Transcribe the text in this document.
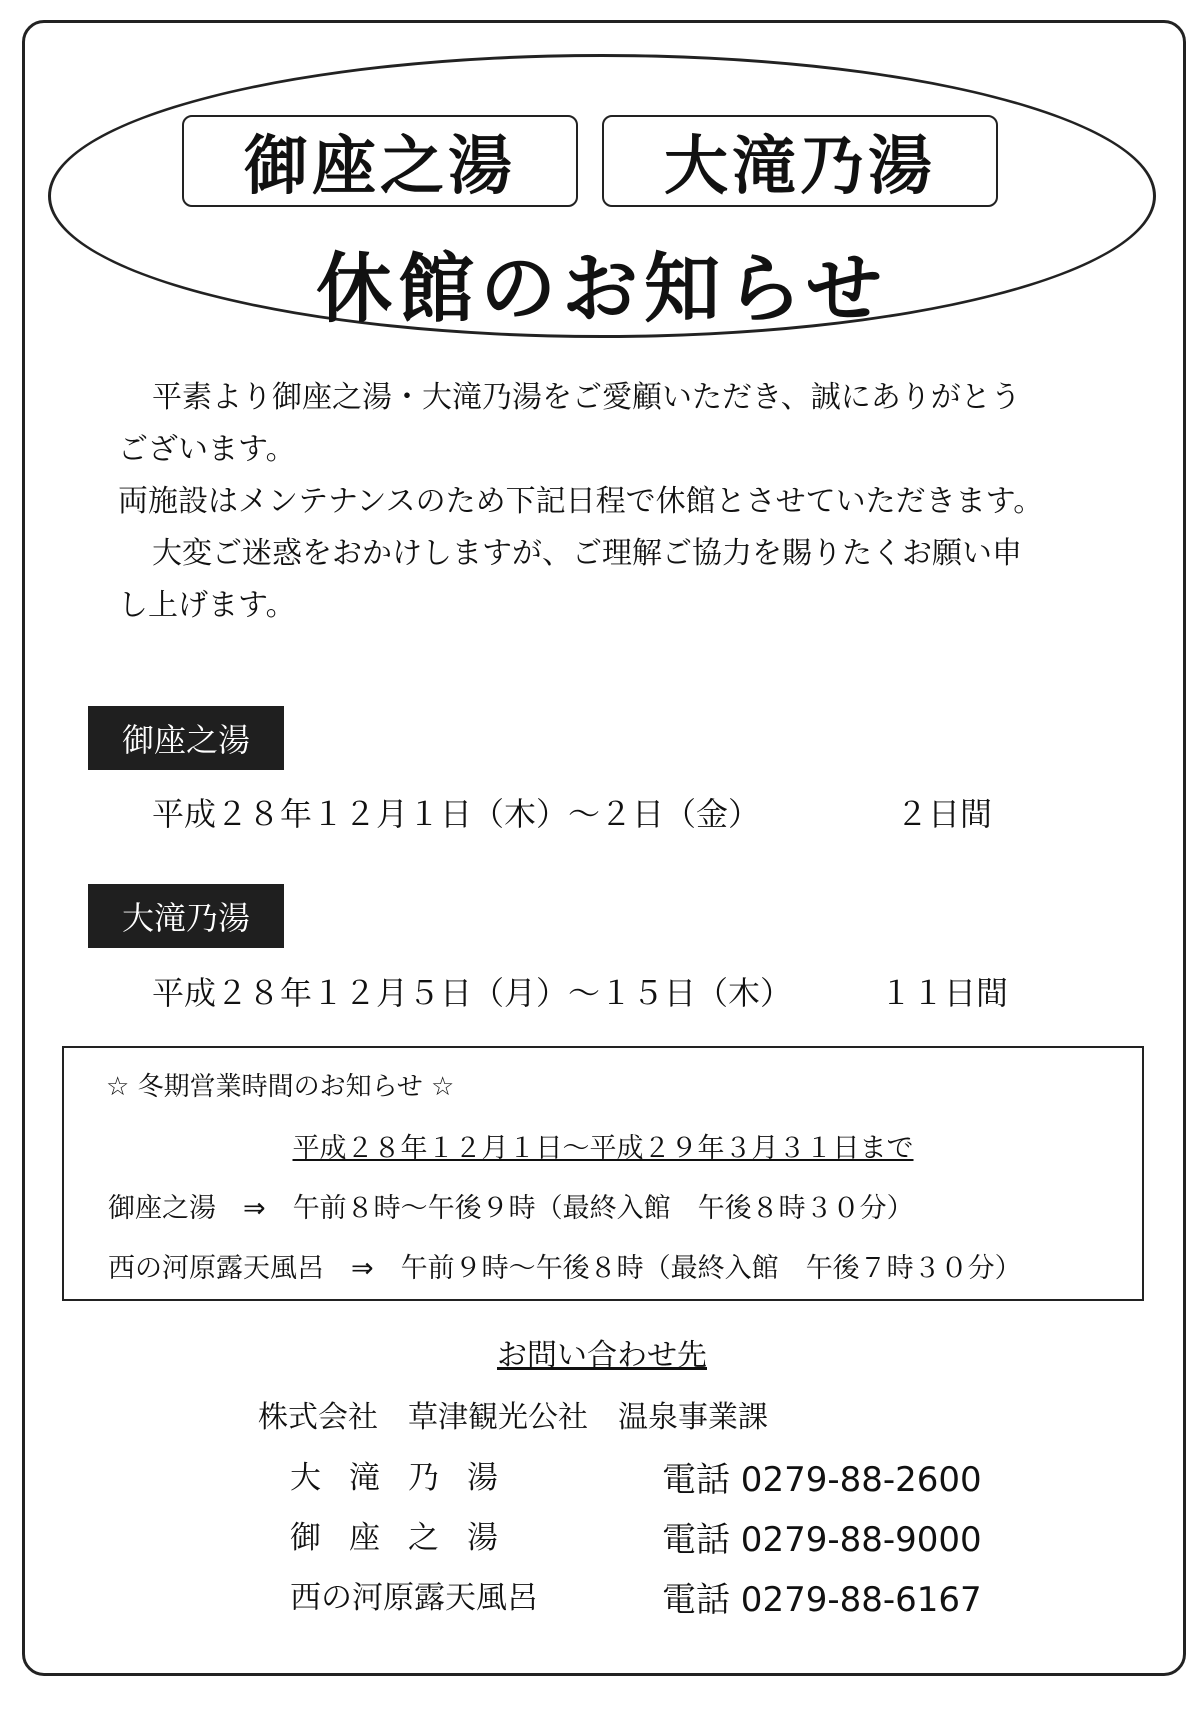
御座之湯	大滝乃湯
休館のお知らせ

平素より御座之湯・大滝乃湯をご愛顧いただき、誠にありがとう

ございます。

両施設はメンテナンスのため下記日程で休館とさせていただきます。

大変ご迷惑をおかけしますが、ご理解ご協力を賜りたくお願い申

し上げます。

御座之湯
平成２８年１２月１日（木）～２日（金）	２日間
大滝乃湯
平成２８年１２月５日（月）～１５日（木）	１１日間
☆ 冬期営業時間のお知らせ ☆
平成２８年１２月１日～平成２９年３月３１日まで
御座之湯　⇒　午前８時～午後９時（最終入館　午後８時３０分）
西の河原露天風呂　⇒　午前９時～午後８時（最終入館　午後７時３０分）
お問い合わせ先
株式会社　草津観光公社　温泉事業課
大滝乃湯	電話 0279-88-2600
御座之湯	電話 0279-88-9000
西の河原露天風呂	電話 0279-88-6167
